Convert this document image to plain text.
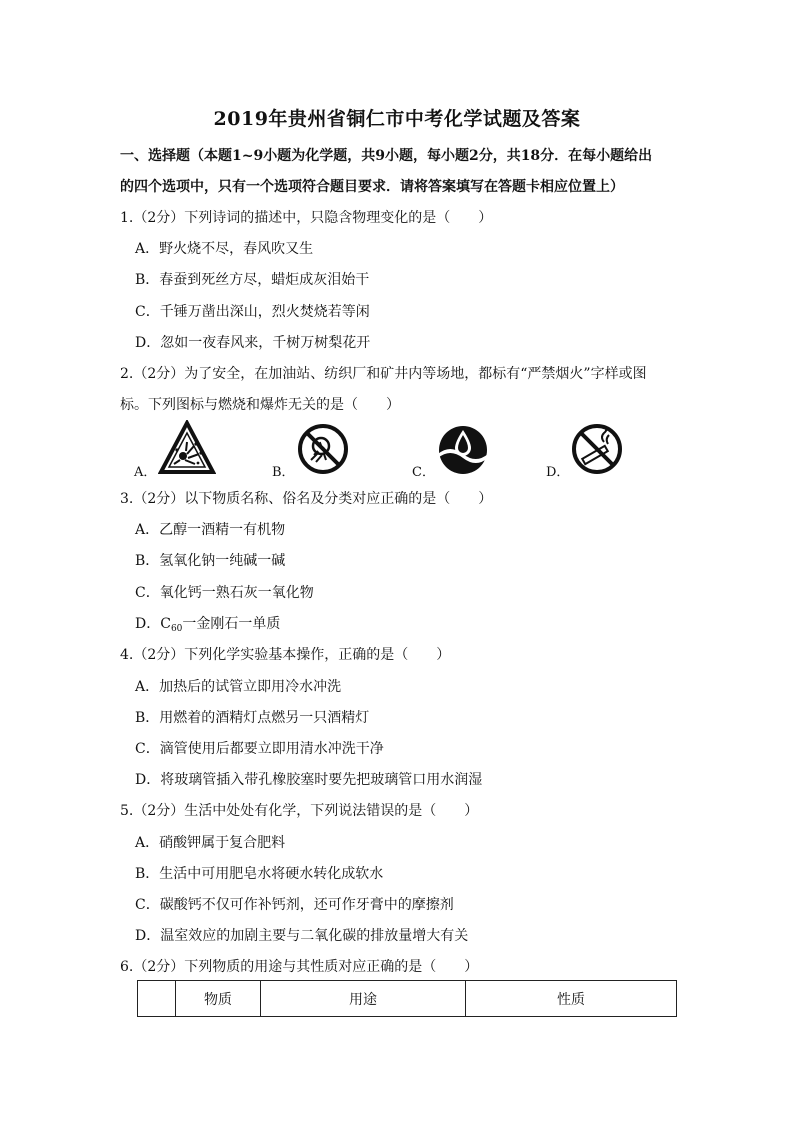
2019年贵州省铜仁市中考化学试题及答案
一、选择题（本题1~9小题为化学题，共9小题，每小题2分，共18分．在每小题给出
的四个选项中，只有一个选项符合题目要求．请将答案填写在答题卡相应位置上）
1.（2分）下列诗词的描述中，只隐含物理变化的是（　　）
A．野火烧不尽，春风吹又生
B．春蚕到死丝方尽，蜡炬成灰泪始干
C．千锤万凿出深山，烈火焚烧若等闲
D．忽如一夜春风来，千树万树梨花开
2.（2分）为了安全，在加油站、纺织厂和矿井内等场地，都标有“严禁烟火”字样或图
标。下列图标与燃烧和爆炸无关的是（　　）
A．	B．	C．	D．
3.（2分）以下物质名称、俗名及分类对应正确的是（　　）
A．乙醇一酒精一有机物
B．氢氧化钠一纯碱一碱
C．氧化钙一熟石灰一氧化物
D．$C_{60}$一金刚石一单质
4.（2分）下列化学实验基本操作，正确的是（　　）
A．加热后的试管立即用冷水冲洗
B．用燃着的酒精灯点燃另一只酒精灯
C．滴管使用后都要立即用清水冲洗干净
D．将玻璃管插入带孔橡胶塞时要先把玻璃管口用水润湿
5.（2分）生活中处处有化学，下列说法错误的是（　　）
A．硝酸钾属于复合肥料
B．生活中可用肥皂水将硬水转化成软水
C．碳酸钙不仅可作补钙剂，还可作牙膏中的摩擦剂
D．温室效应的加剧主要与二氧化碳的排放量增大有关
6.（2分）下列物质的用途与其性质对应正确的是（　　）
	物质	用途	性质
